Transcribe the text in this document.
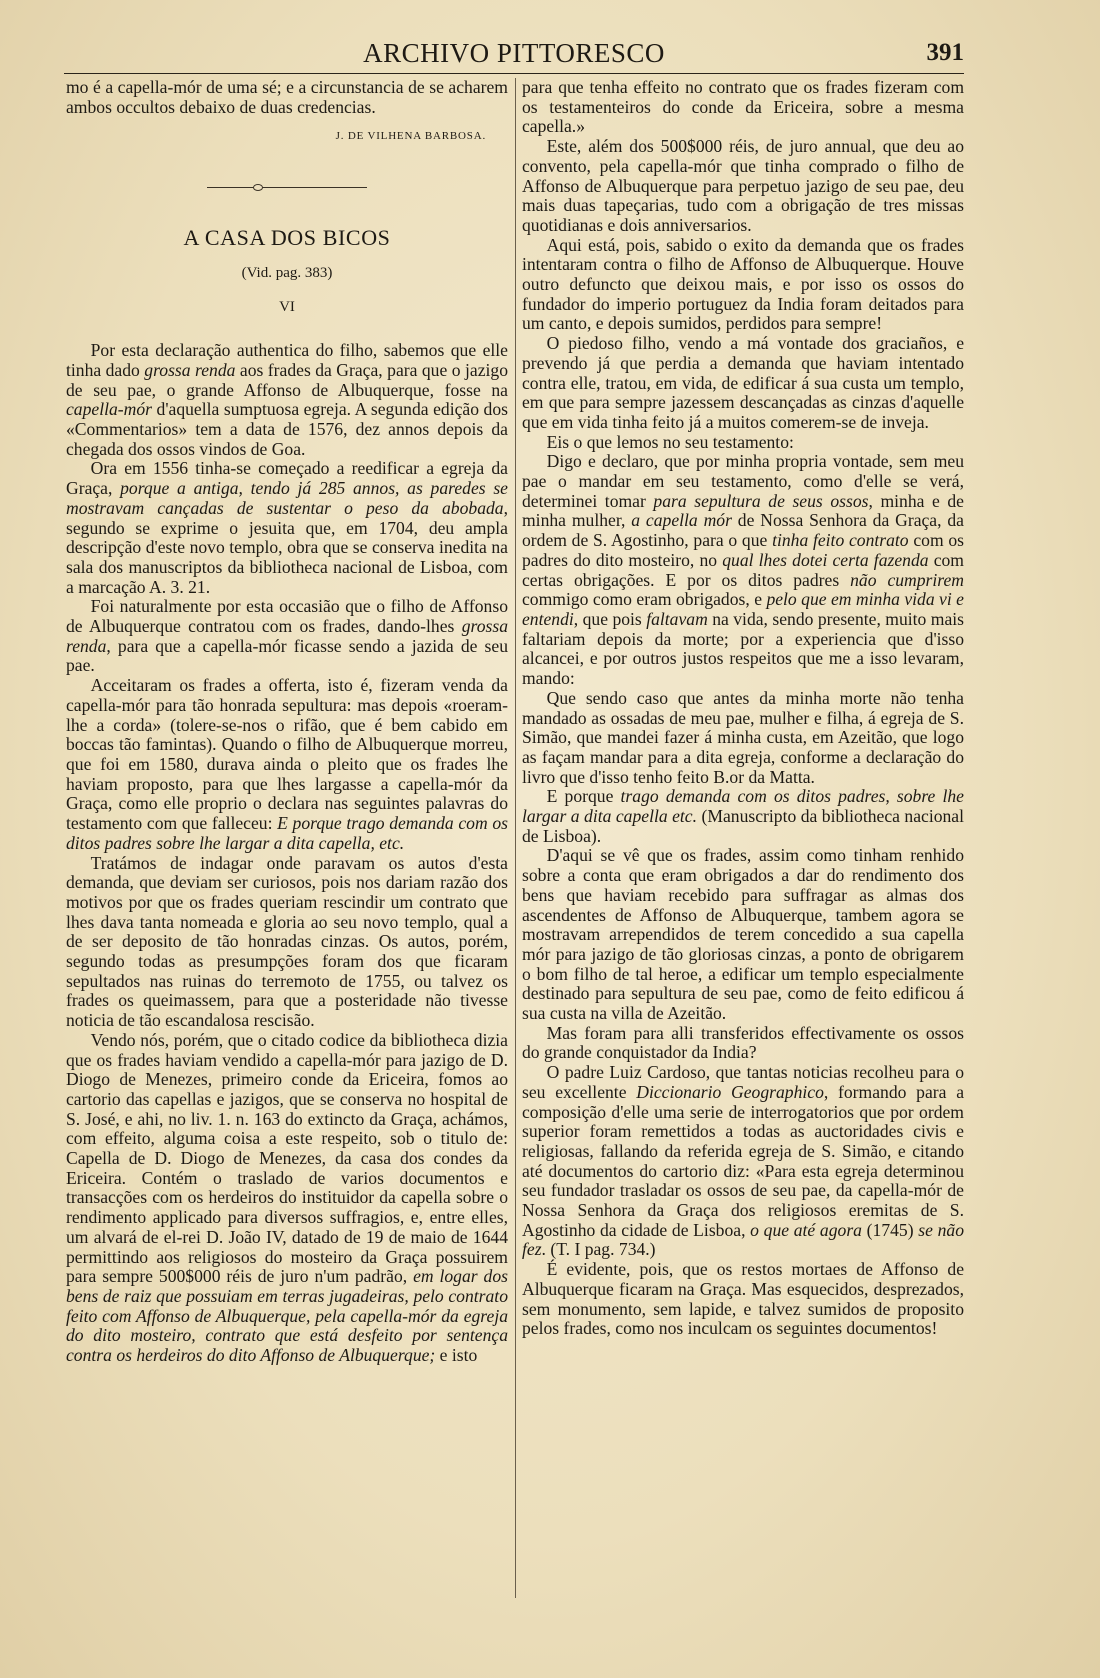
ARCHIVO PITTORESCO	391

mo é a capella-mór de uma sé; e a circunstancia de se acharem ambos occultos debaixo de duas credencias.

J. DE VILHENA BARBOSA.
A CASA DOS BICOS
(Vid. pag. 383)
VI

Por esta declaração authentica do filho, sabemos que elle tinha dado grossa renda aos frades da Graça, para que o jazigo de seu pae, o grande Affonso de Albuquerque, fosse na capella-mór d'aquella sumptuosa egreja. A segunda edição dos «Commentarios» tem a data de 1576, dez annos depois da chegada dos ossos vindos de Goa.

Ora em 1556 tinha-se começado a reedificar a egreja da Graça, porque a antiga, tendo já 285 annos, as paredes se mostravam cançadas de sustentar o peso da abobada, segundo se exprime o jesuita que, em 1704, deu ampla descripção d'este novo templo, obra que se conserva inedita na sala dos manuscriptos da bibliotheca nacional de Lisboa, com a marcação A. 3. 21.

Foi naturalmente por esta occasião que o filho de Affonso de Albuquerque contratou com os frades, dando-lhes grossa renda, para que a capella-mór ficasse sendo a jazida de seu pae.

Acceitaram os frades a offerta, isto é, fizeram venda da capella-mór para tão honrada sepultura: mas depois «roeram-lhe a corda» (tolere-se-nos o rifão, que é bem cabido em boccas tão famintas). Quando o filho de Albuquerque morreu, que foi em 1580, durava ainda o pleito que os frades lhe haviam proposto, para que lhes largasse a capella-mór da Graça, como elle proprio o declara nas seguintes palavras do testamento com que falleceu: E porque trago demanda com os ditos padres sobre lhe largar a dita capella, etc.

Tratámos de indagar onde paravam os autos d'esta demanda, que deviam ser curiosos, pois nos dariam razão dos motivos por que os frades queriam rescindir um contrato que lhes dava tanta nomeada e gloria ao seu novo templo, qual a de ser deposito de tão honradas cinzas. Os autos, porém, segundo todas as presumpções foram dos que ficaram sepultados nas ruinas do terremoto de 1755, ou talvez os frades os queimassem, para que a posteridade não tivesse noticia de tão escandalosa rescisão.

Vendo nós, porém, que o citado codice da bibliotheca dizia que os frades haviam vendido a capella-mór para jazigo de D. Diogo de Menezes, primeiro conde da Ericeira, fomos ao cartorio das capellas e jazigos, que se conserva no hospital de S. José, e ahi, no liv. 1. n. 163 do extincto da Graça, achámos, com effeito, alguma coisa a este respeito, sob o titulo de: Capella de D. Diogo de Menezes, da casa dos condes da Ericeira. Contém o traslado de varios documentos e transacções com os herdeiros do instituidor da capella sobre o rendimento applicado para diversos suffragios, e, entre elles, um alvará de el-rei D. João IV, datado de 19 de maio de 1644 permittindo aos religiosos do mosteiro da Graça possuirem para sempre 500$000 réis de juro n'um padrão, em logar dos bens de raiz que possuiam em terras jugadeiras, pelo contrato feito com Affonso de Albuquerque, pela capella-mór da egreja do dito mosteiro, contrato que está desfeito por sentença contra os herdeiros do dito Affonso de Albuquerque; e isto

para que tenha effeito no contrato que os frades fizeram com os testamenteiros do conde da Ericeira, sobre a mesma capella.»

Este, além dos 500$000 réis, de juro annual, que deu ao convento, pela capella-mór que tinha comprado o filho de Affonso de Albuquerque para perpetuo jazigo de seu pae, deu mais duas tapeçarias, tudo com a obrigação de tres missas quotidianas e dois anniversarios.

Aqui está, pois, sabido o exito da demanda que os frades intentaram contra o filho de Affonso de Albuquerque. Houve outro defuncto que deixou mais, e por isso os ossos do fundador do imperio portuguez da India foram deitados para um canto, e depois sumidos, perdidos para sempre!

O piedoso filho, vendo a má vontade dos graciaños, e prevendo já que perdia a demanda que haviam intentado contra elle, tratou, em vida, de edificar á sua custa um templo, em que para sempre jazessem descançadas as cinzas d'aquelle que em vida tinha feito já a muitos comerem-se de inveja.

Eis o que lemos no seu testamento:

Digo e declaro, que por minha propria vontade, sem meu pae o mandar em seu testamento, como d'elle se verá, determinei tomar para sepultura de seus ossos, minha e de minha mulher, a capella mór de Nossa Senhora da Graça, da ordem de S. Agostinho, para o que tinha feito contrato com os padres do dito mosteiro, no qual lhes dotei certa fazenda com certas obrigações. E por os ditos padres não cumprirem commigo como eram obrigados, e pelo que em minha vida vi e entendi, que pois faltavam na vida, sendo presente, muito mais faltariam depois da morte; por a experiencia que d'isso alcancei, e por outros justos respeitos que me a isso levaram, mando:

Que sendo caso que antes da minha morte não tenha mandado as ossadas de meu pae, mulher e filha, á egreja de S. Simão, que mandei fazer á minha custa, em Azeitão, que logo as façam mandar para a dita egreja, conforme a declaração do livro que d'isso tenho feito B.or da Matta.

E porque trago demanda com os ditos padres, sobre lhe largar a dita capella etc. (Manuscripto da bibliotheca nacional de Lisboa).

D'aqui se vê que os frades, assim como tinham renhido sobre a conta que eram obrigados a dar do rendimento dos bens que haviam recebido para suffragar as almas dos ascendentes de Affonso de Albuquerque, tambem agora se mostravam arrependidos de terem concedido a sua capella mór para jazigo de tão gloriosas cinzas, a ponto de obrigarem o bom filho de tal heroe, a edificar um templo especialmente destinado para sepultura de seu pae, como de feito edificou á sua custa na villa de Azeitão.

Mas foram para alli transferidos effectivamente os ossos do grande conquistador da India?

O padre Luiz Cardoso, que tantas noticias recolheu para o seu excellente Diccionario Geographico, formando para a composição d'elle uma serie de interrogatorios que por ordem superior foram remettidos a todas as auctoridades civis e religiosas, fallando da referida egreja de S. Simão, e citando até documentos do cartorio diz: «Para esta egreja determinou seu fundador trasladar os ossos de seu pae, da capella-mór de Nossa Senhora da Graça dos religiosos eremitas de S. Agostinho da cidade de Lisboa, o que até agora (1745) se não fez. (T. I pag. 734.)

É evidente, pois, que os restos mortaes de Affonso de Albuquerque ficaram na Graça. Mas esquecidos, desprezados, sem monumento, sem lapide, e talvez sumidos de proposito pelos frades, como nos inculcam os seguintes documentos!
